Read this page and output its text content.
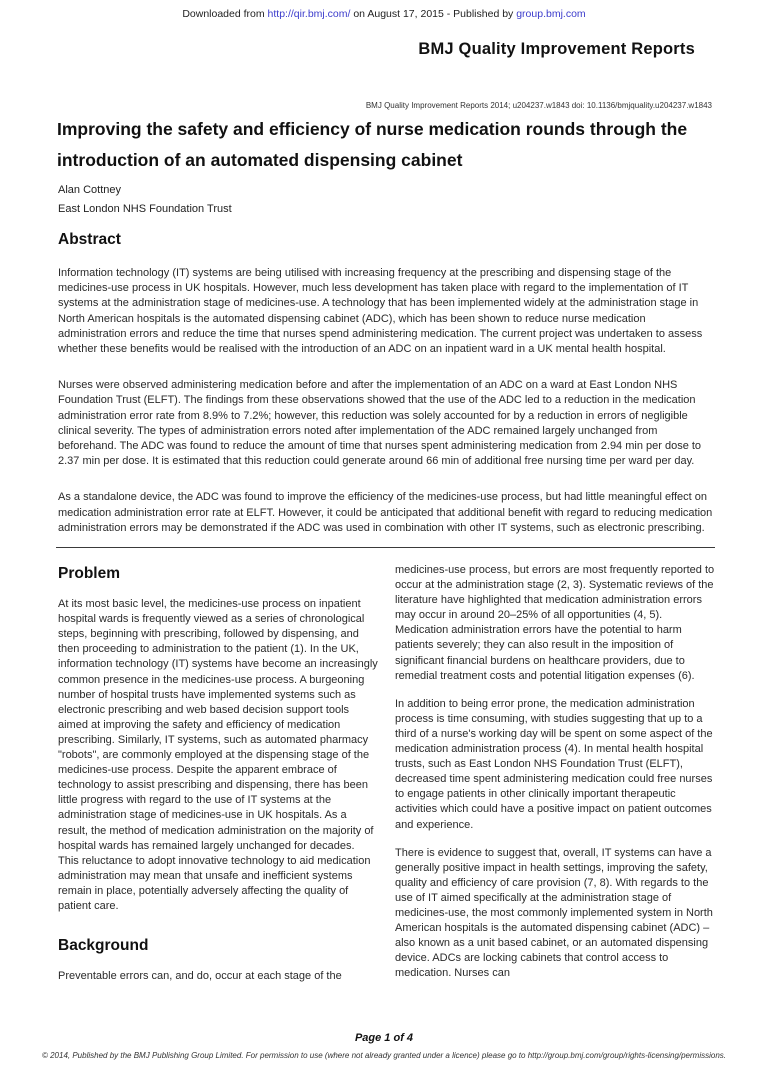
Downloaded from http://qir.bmj.com/ on August 17, 2015 - Published by group.bmj.com
BMJ Quality Improvement Reports
BMJ Quality Improvement Reports 2014; u204237.w1843 doi: 10.1136/bmjquality.u204237.w1843
Improving the safety and efficiency of nurse medication rounds through the introduction of an automated dispensing cabinet
Alan Cottney
East London NHS Foundation Trust
Abstract

Information technology (IT) systems are being utilised with increasing frequency at the prescribing and dispensing stage of the medicines-use process in UK hospitals. However, much less development has taken place with regard to the implementation of IT systems at the administration stage of medicines-use. A technology that has been implemented widely at the administration stage in North American hospitals is the automated dispensing cabinet (ADC), which has been shown to reduce nurse medication administration errors and reduce the time that nurses spend administering medication. The current project was undertaken to assess whether these benefits would be realised with the introduction of an ADC on an inpatient ward in a UK mental health hospital.

Nurses were observed administering medication before and after the implementation of an ADC on a ward at East London NHS Foundation Trust (ELFT). The findings from these observations showed that the use of the ADC led to a reduction in the medication administration error rate from 8.9% to 7.2%; however, this reduction was solely accounted for by a reduction in errors of negligible clinical severity. The types of administration errors noted after implementation of the ADC remained largely unchanged from beforehand. The ADC was found to reduce the amount of time that nurses spent administering medication from 2.94 min per dose to 2.37 min per dose. It is estimated that this reduction could generate around 66 min of additional free nursing time per ward per day.

As a standalone device, the ADC was found to improve the efficiency of the medicines-use process, but had little meaningful effect on medication administration error rate at ELFT. However, it could be anticipated that additional benefit with regard to reducing medication administration errors may be demonstrated if the ADC was used in combination with other IT systems, such as electronic prescribing.

Problem

At its most basic level, the medicines-use process on inpatient hospital wards is frequently viewed as a series of chronological steps, beginning with prescribing, followed by dispensing, and then proceeding to administration to the patient (1). In the UK, information technology (IT) systems have become an increasingly common presence in the medicines-use process. A burgeoning number of hospital trusts have implemented systems such as electronic prescribing and web based decision support tools aimed at improving the safety and efficiency of medication prescribing. Similarly, IT systems, such as automated pharmacy "robots", are commonly employed at the dispensing stage of the medicines-use process. Despite the apparent embrace of technology to assist prescribing and dispensing, there has been little progress with regard to the use of IT systems at the administration stage of medicines-use in UK hospitals. As a result, the method of medication administration on the majority of hospital wards has remained largely unchanged for decades. This reluctance to adopt innovative technology to aid medication administration may mean that unsafe and inefficient systems remain in place, potentially adversely affecting the quality of patient care.

Background

Preventable errors can, and do, occur at each stage of the

medicines-use process, but errors are most frequently reported to occur at the administration stage (2, 3). Systematic reviews of the literature have highlighted that medication administration errors may occur in around 20–25% of all opportunities (4, 5). Medication administration errors have the potential to harm patients severely; they can also result in the imposition of significant financial burdens on healthcare providers, due to remedial treatment costs and potential litigation expenses (6).

In addition to being error prone, the medication administration process is time consuming, with studies suggesting that up to a third of a nurse's working day will be spent on some aspect of the medication administration process (4). In mental health hospital trusts, such as East London NHS Foundation Trust (ELFT), decreased time spent administering medication could free nurses to engage patients in other clinically important therapeutic activities which could have a positive impact on patient outcomes and experience.

There is evidence to suggest that, overall, IT systems can have a generally positive impact in health settings, improving the safety, quality and efficiency of care provision (7, 8). With regards to the use of IT aimed specifically at the administration stage of medicines-use, the most commonly implemented system in North American hospitals is the automated dispensing cabinet (ADC) – also known as a unit based cabinet, or an automated dispensing device. ADCs are locking cabinets that control access to medication. Nurses can

Page 1 of 4
© 2014, Published by the BMJ Publishing Group Limited. For permission to use (where not already granted under a licence) please go to http://group.bmj.com/group/rights-licensing/permissions.
